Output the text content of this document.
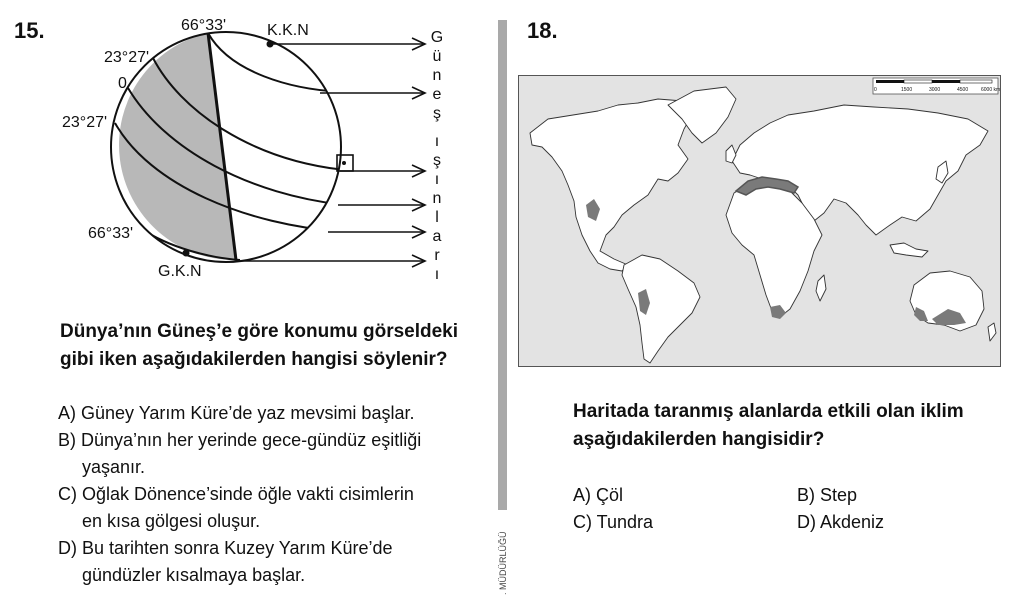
15.	66°33'	K.K.N
23°27'
0
23°27'
66°33'
G.K.N
G
ü
n
e
ş
ı
ş
ı
n
l
a
r
ı
Dünya’nın Güneş’e göre konumu görseldeki
gibi iken aşağıdakilerden hangisi söylenir?
A) Güney Yarım Küre’de yaz mevsimi başlar.
B) Dünya’nın her yerinde gece-gündüz eşitliği
yaşanır.
C) Oğlak Dönence’sinde öğle vakti cisimlerin
en kısa gölgesi oluşur.
D) Bu tarihten sonra Kuzey Yarım Küre’de
gündüzler kısalmaya başlar.	. MÜDÜRLÜĞÜ
18.
0	1500	3000	4500	6000 km
Haritada taranmış alanlarda etkili olan iklim
aşağıdakilerden hangisidir?
A) Çöl	B) Step
C) Tundra	D) Akdeniz
